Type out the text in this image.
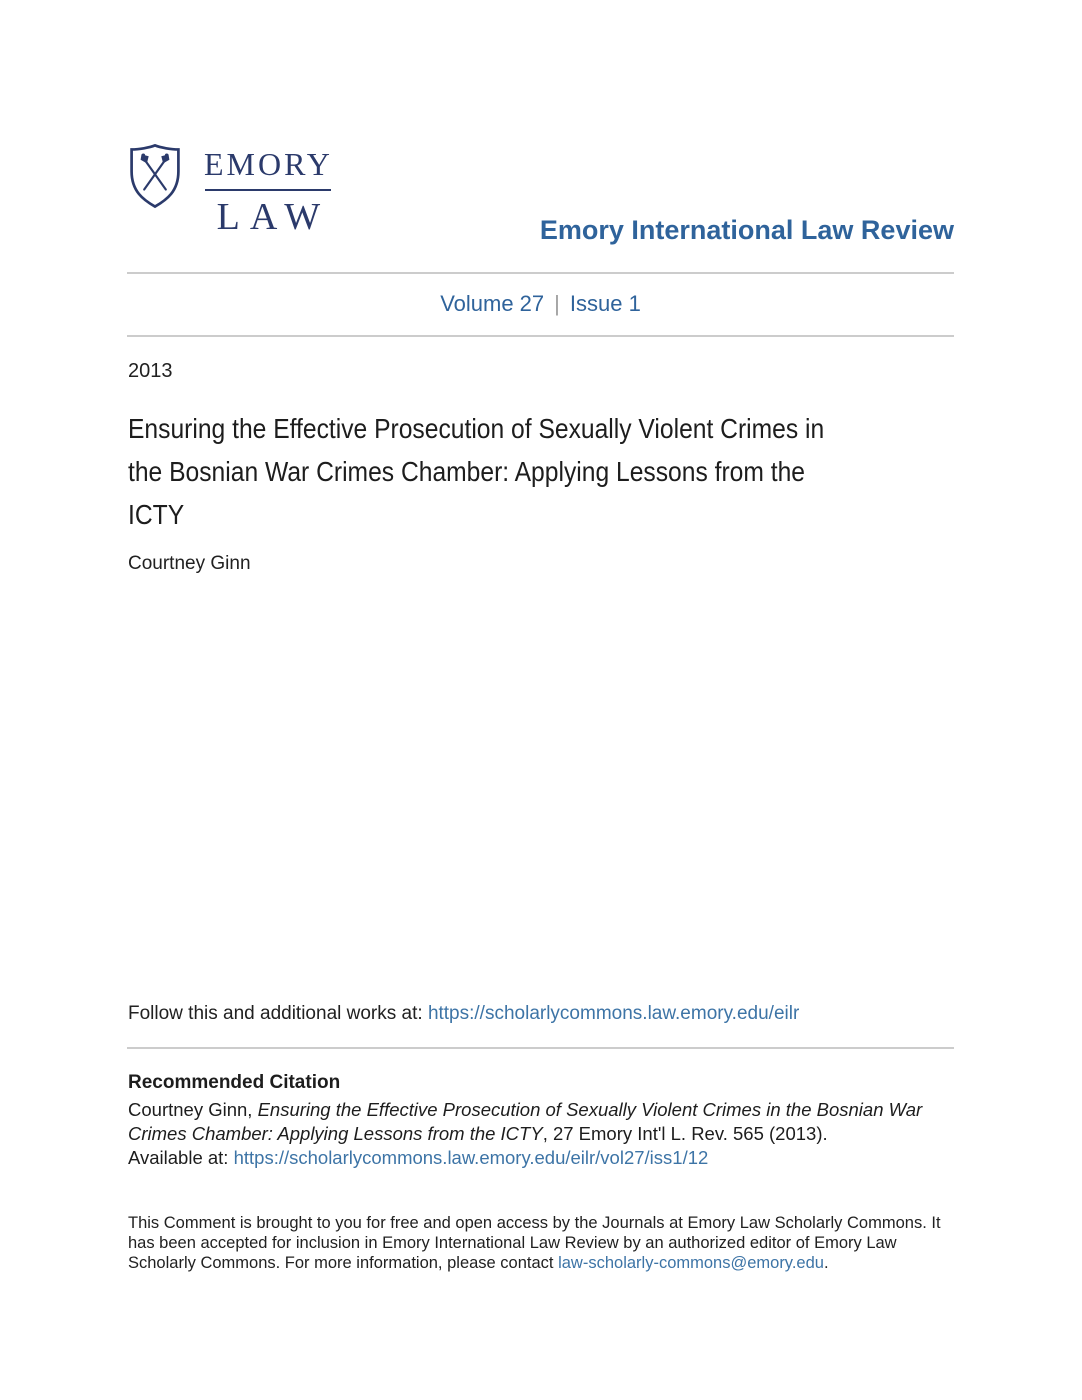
EMORY
LAW	Emory International Law Review
Volume 27 | Issue 1
2013
Ensuring the Effective Prosecution of Sexually Violent Crimes in
the Bosnian War Crimes Chamber: Applying Lessons from the
ICTY
Courtney Ginn
Follow this and additional works at: https://scholarlycommons.law.emory.edu/eilr
Recommended Citation

Courtney Ginn, Ensuring the Effective Prosecution of Sexually Violent Crimes in the Bosnian War Crimes Chamber: Applying Lessons from the ICTY, 27 Emory Int'l L. Rev. 565 (2013).
Available at: https://scholarlycommons.law.emory.edu/eilr/vol27/iss1/12

This Comment is brought to you for free and open access by the Journals at Emory Law Scholarly Commons. It has been accepted for inclusion in Emory International Law Review by an authorized editor of Emory Law Scholarly Commons. For more information, please contact law-scholarly-commons@emory.edu.
